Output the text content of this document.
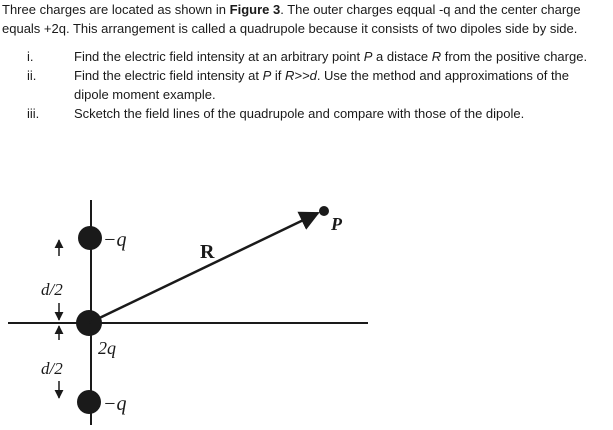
Three charges are located as shown in Figure 3. The outer charges eqqual -q and the center charge equals +2q. This arrangement is called a quadrupole because it consists of two dipoles side by side.
i.	Find the electric field intensity at an arbitrary point P a distace R from the positive charge.
ii.	Find the electric field intensity at P if R>>d. Use the method and approximations of the dipole moment example.
iii.	Scketch the field lines of the quadrupole and compare with those of the dipole.
−q
2q
−q
R
P
d/2
d/2
